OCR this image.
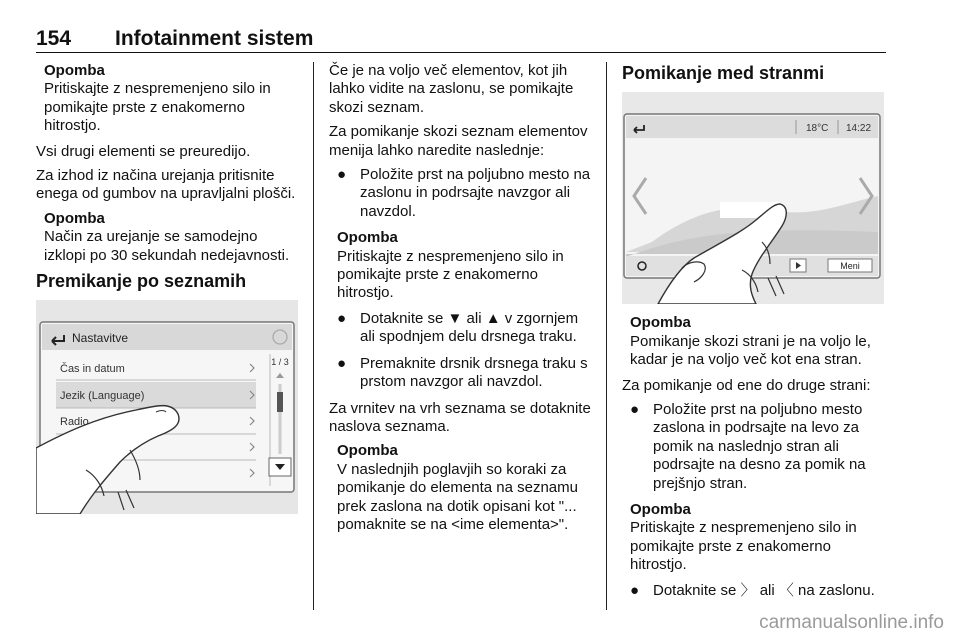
154 Infotainment sistem
Opomba
Pritiskajte z nespremenjeno silo in pomikajte prste z enakomerno hitrostjo.

Vsi drugi elementi se preuredijo.

Za izhod iz načina urejanja pritisnite enega od gumbov na upravljalni plošči.

Opomba
Način za urejanje se samodejno izklopi po 30 sekundah nedejavnosti.
Premikanje po seznamih
Nastavitve
Čas in datum
Jezik (Language)
Radio
1 / 3

Če je na voljo več elementov, kot jih lahko vidite na zaslonu, se pomikajte skozi seznam.

Za pomikanje skozi seznam elementov menija lahko naredite naslednje:

● Položite prst na poljubno mesto na zaslonu in podrsajte navzgor ali navzdol.
Opomba
Pritiskajte z nespremenjeno silo in pomikajte prste z enakomerno hitrostjo.
● Dotaknite se ▼ ali ▲ v zgornjem ali spodnjem delu drsnega traku.
● Premaknite drsnik drsnega traku s prstom navzgor ali navzdol.

Za vrnitev na vrh seznama se dotaknite naslova seznama.

Opomba
V naslednjih poglavjih so koraki za pomikanje do elementa na seznamu prek zaslona na dotik opisani kot "... pomaknite se na <ime elementa>".
Pomikanje med stranmi
18°C 14:22
Meni
Opomba
Pomikanje skozi strani je na voljo le, kadar je na voljo več kot ena stran.

Za pomikanje od ene do druge strani:

● Položite prst na poljubno mesto zaslona in podrsajte na levo za pomik na naslednjo stran ali podrsajte na desno za pomik na prejšnjo stran.
Opomba
Pritiskajte z nespremenjeno silo in pomikajte prste z enakomerno hitrostjo.
● Dotaknite se 〉 ali 〈 na zaslonu.
carmanualsonline.info
